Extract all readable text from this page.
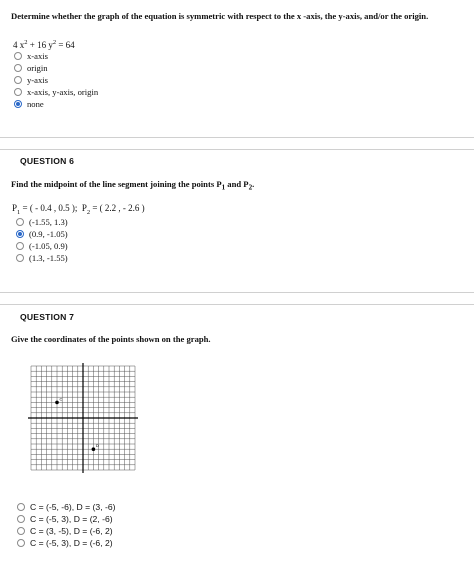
Determine whether the graph of the equation is symmetric with respect to the x -axis, the y-axis, and/or the origin.
4 $x^2 + 16$ $y^2 = 64$
x-axis
origin
y-axis
x-axis, y-axis, origin
none
QUESTION 6
Find the midpoint of the line segment joining the points $P_1$ and $P_2$.
$P_1$ = ( - 0.4 , 0.5 ); $P_2$ = ( 2.2 , - 2.6 )
(-1.55, 1.3)
(0.9, -1.05)
(-1.05, 0.9)
(1.3, -1.55)
QUESTION 7
Give the coordinates of the points shown on the graph.
C
D
C = (-5, -6), D = (3, -6)
C = (-5, 3), D = (2, -6)
C = (3, -5), D = (-6, 2)
C = (-5, 3), D = (-6, 2)
